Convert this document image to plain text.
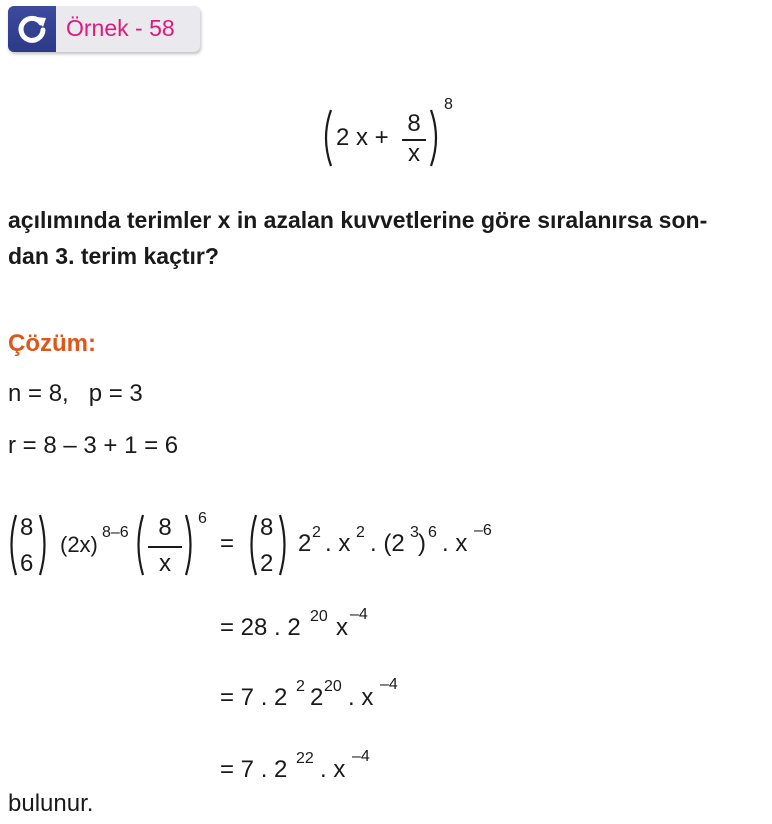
Örnek - 58
2 x +
8
x
8
açılımında terimler x in azalan kuvvetlerine göre sıralanırsa son-
dan 3. terim kaçtır?
Çözüm:
n = 8,   p = 3
r = 8 – 3 + 1 = 6
8
6
(2x) 8–6	8
x
6
=
8
2
2 2 . x 2 . (2 3 ) 6 . x –6
= 28 . 2 20 x –4
= 7 . 2 2 2 20 . x –4
= 7 . 2 22 . x –4
bulunur.
